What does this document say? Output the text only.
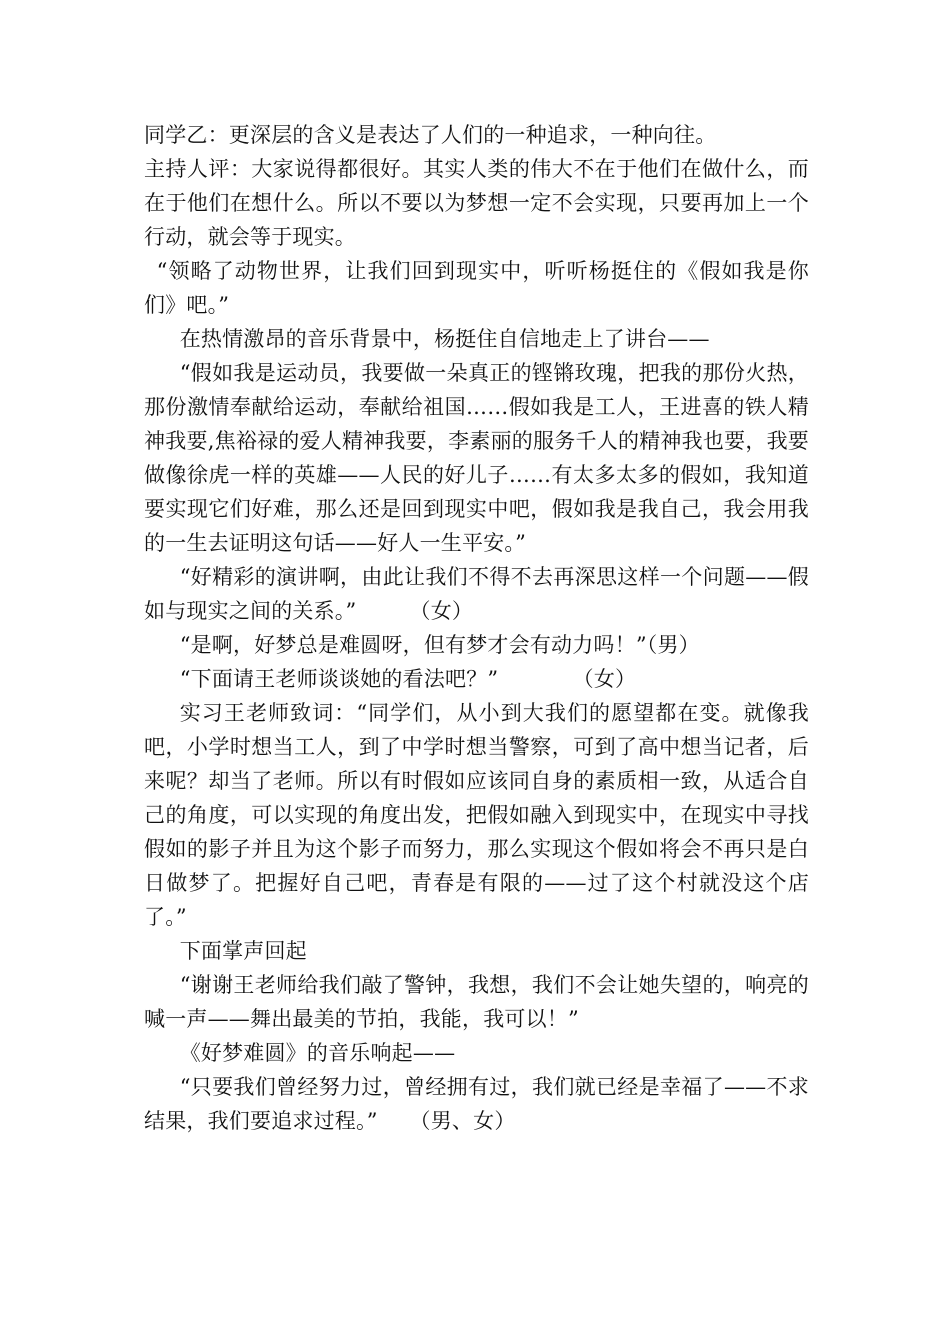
同学乙：更深层的含义是表达了人们的一种追求，一种向往。

主持人评：大家说得都很好。其实人类的伟大不在于他们在做什么，而在于他们在想什么。所以不要以为梦想一定不会实现，只要再加上一个行动，就会等于现实。

“领略了动物世界，让我们回到现实中，听听杨挺住的《假如我是你们》吧。”

在热情激昂的音乐背景中，杨挺住自信地走上了讲台——

“假如我是运动员，我要做一朵真正的铿锵玫瑰，把我的那份火热，那份激情奉献给运动，奉献给祖国……假如我是工人，王进喜的铁人精神我要,焦裕禄的爱人精神我要，李素丽的服务千人的精神我也要，我要做像徐虎一样的英雄——人民的好儿子……有太多太多的假如，我知道要实现它们好难，那么还是回到现实中吧，假如我是我自己，我会用我的一生去证明这句话——好人一生平安。”

“好精彩的演讲啊，由此让我们不得不去再深思这样一个问题——假如与现实之间的关系。”　　　（女）

“是啊，好梦总是难圆呀，但有梦才会有动力吗！”（男）

“下面请王老师谈谈她的看法吧？”　　　　（女）

实习王老师致词：“同学们，从小到大我们的愿望都在变。就像我吧，小学时想当工人，到了中学时想当警察，可到了高中想当记者，后来呢？却当了老师。所以有时假如应该同自身的素质相一致，从适合自己的角度，可以实现的角度出发，把假如融入到现实中，在现实中寻找假如的影子并且为这个影子而努力，那么实现这个假如将会不再只是白日做梦了。把握好自己吧，青春是有限的——过了这个村就没这个店了。”

下面掌声回起

“谢谢王老师给我们敲了警钟，我想，我们不会让她失望的，响亮的喊一声——舞出最美的节拍，我能，我可以！”

《好梦难圆》的音乐响起——

“只要我们曾经努力过，曾经拥有过，我们就已经是幸福了——不求结果，我们要追求过程。”　　（男、女）
